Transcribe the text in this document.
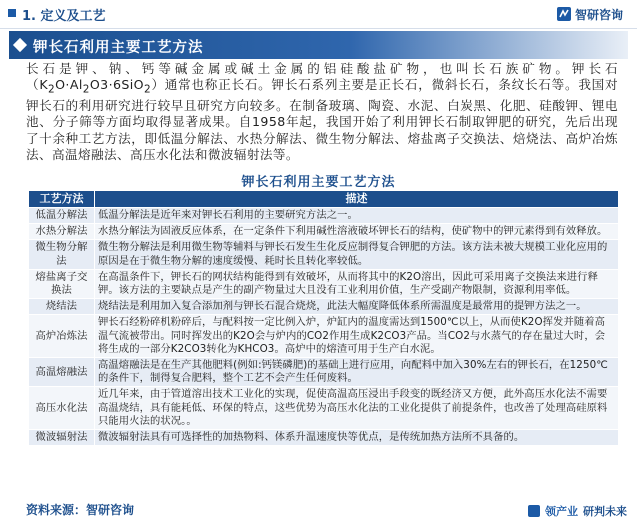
1. 定义及工艺	智研咨询
钾长石利用主要工艺方法

长石是钾、钠、钙等碱金属或碱土金属的铝硅酸盐矿物，也叫长石族矿物。钾长石$(K_2O\cdot Al_2O3\cdot 6SiO_2)$通常也称正长石。钾长石系列主要是正长石，微斜长石，条纹长石等。我国对钾长石的利用研究进行较早且研究方向较多。在制备玻璃、陶瓷、水泥、白炭黑、化肥、硅酸钾、锂电池、分子筛等方面均取得显著成果。自1958年起，我国开始了利用钾长石制取钾肥的研究，先后出现了十余种工艺方法，即低温分解法、水热分解法、微生物分解法、熔盐离子交换法、焙烧法、高炉冶炼法、高温熔融法、高压水化法和微波辐射法等。

钾长石利用主要工艺方法
工艺方法	描述
低温分解法	低温分解法是近年来对钾长石利用的主要研究方法之一。
水热分解法	水热分解法为固液反应体系，在一定条件下利用碱性溶液破坏钾长石的结构，使矿物中的钾元素得到有效释放。
微生物分解法	微生物分解法是利用微生物等辅料与钾长石发生生化反应制得复合钾肥的方法。该方法未被大规模工业化应用的原因是在于微生物分解的速度缓慢、耗时长且转化率较低。
熔盐离子交换法	在高温条件下，钾长石的网状结构能得到有效破坏，从而将其中的K2O溶出，因此可采用离子交换法来进行释钾。该方法的主要缺点是产生的副产物量过大且没有工业利用价值，生产受副产物限制，资源利用率低。
烧结法	烧结法是利用加入复合添加剂与钾长石混合烧烧，此法大幅度降低体系所需温度是最常用的提钾方法之一。
高炉冶炼法	钾长石经粉碎机粉碎后，与配料按一定比例入炉，炉缸内的温度需达到1500℃以上，从而使K2O挥发并随着高温气流被带出。同时挥发出的K2O会与炉内的CO2作用生成K2CO3产品。当CO2与水蒸气的存在量过大时，会将生成的一部分K2CO3转化为KHCO3。高炉中的熔渣可用于生产白水泥。
高温熔融法	高温熔融法是在生产其他肥料(例如:钙镁磷肥)的基础上进行应用，向配料中加入30%左右的钾长石，在1250℃的条件下，制得复合肥料，整个工艺不会产生任何废料。
高压水化法	近几年来，由于管道溶出技术工业化的实现，促使高温高压浸出手段变的既经济又方便，此外高压水化法不需要高温烧结，具有能耗低、环保的特点，这些优势为高压水化法的工业化提供了前提条件，也改善了处理高硅原料只能用火法的状况。。
微波辐射法	微波辐射法具有可选择性的加热物料、体系升温速度快等优点，是传统加热方法所不具备的。
资料来源：智研咨询	领产业 研判未来
